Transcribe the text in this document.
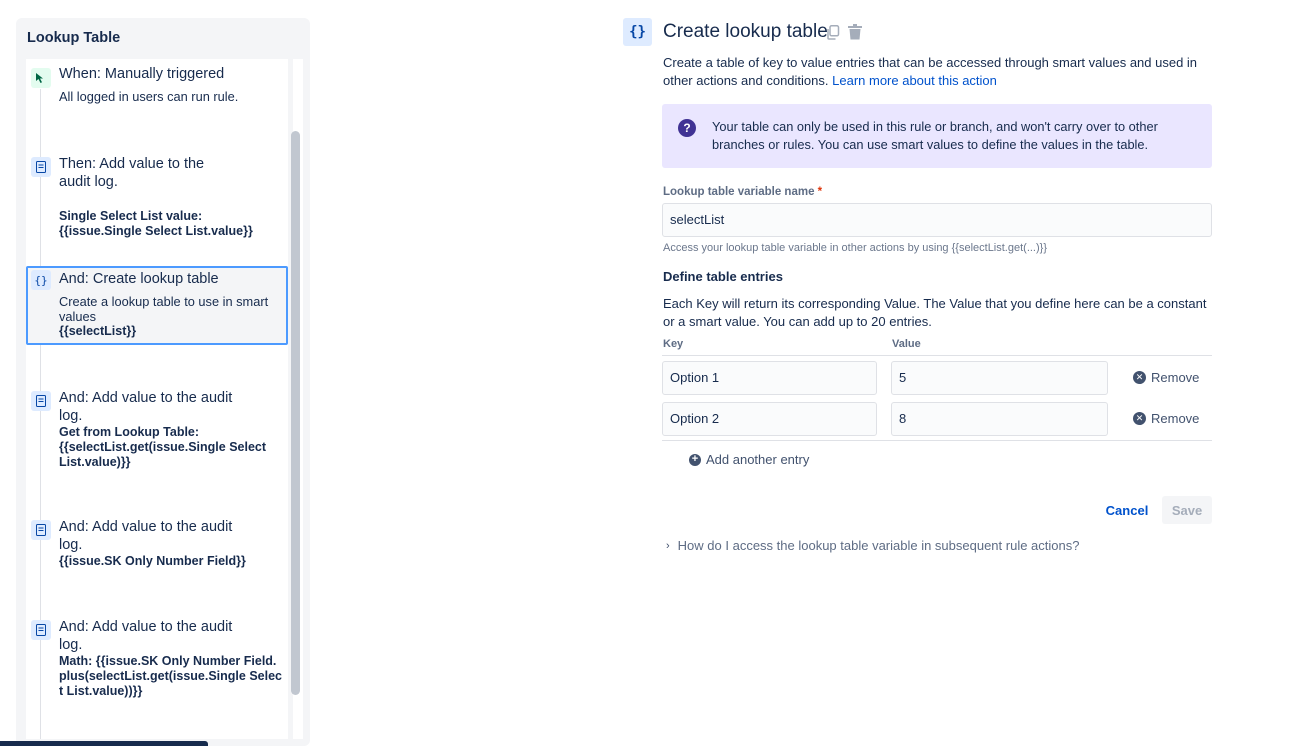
Lookup Table
When: Manually triggered
All logged in users can run rule.
Then: Add value to the audit log.
Single Select List value: {{issue.Single Select List.value}}
{} And: Create lookup table
Create a lookup table to use in smart values
{{selectList}}
And: Add value to the audit log.
Get from Lookup Table: {{selectList.get(issue.Single Select List.value)}}
And: Add value to the audit log.
{{issue.SK Only Number Field}}
And: Add value to the audit log.
Math: {{issue.SK Only Number Field.plus(selectList.get(issue.Single Select List.value))}}
{} Create lookup table
Create a table of key to value entries that can be accessed through smart values and used in other actions and conditions. Learn more about this action
?	Your table can only be used in this rule or branch, and won't carry over to other branches or rules. You can use smart values to define the values in the table.
Lookup table variable name *
selectList
Access your lookup table variable in other actions by using {{selectList.get(...)}}
Define table entries
Each Key will return its corresponding Value. The Value that you define here can be a constant or a smart value. You can add up to 20 entries.
Key	Value
Option 1	5	✕ Remove
Option 2	8	✕ Remove
+ Add another entry
Cancel	Save
› How do I access the lookup table variable in subsequent rule actions?
